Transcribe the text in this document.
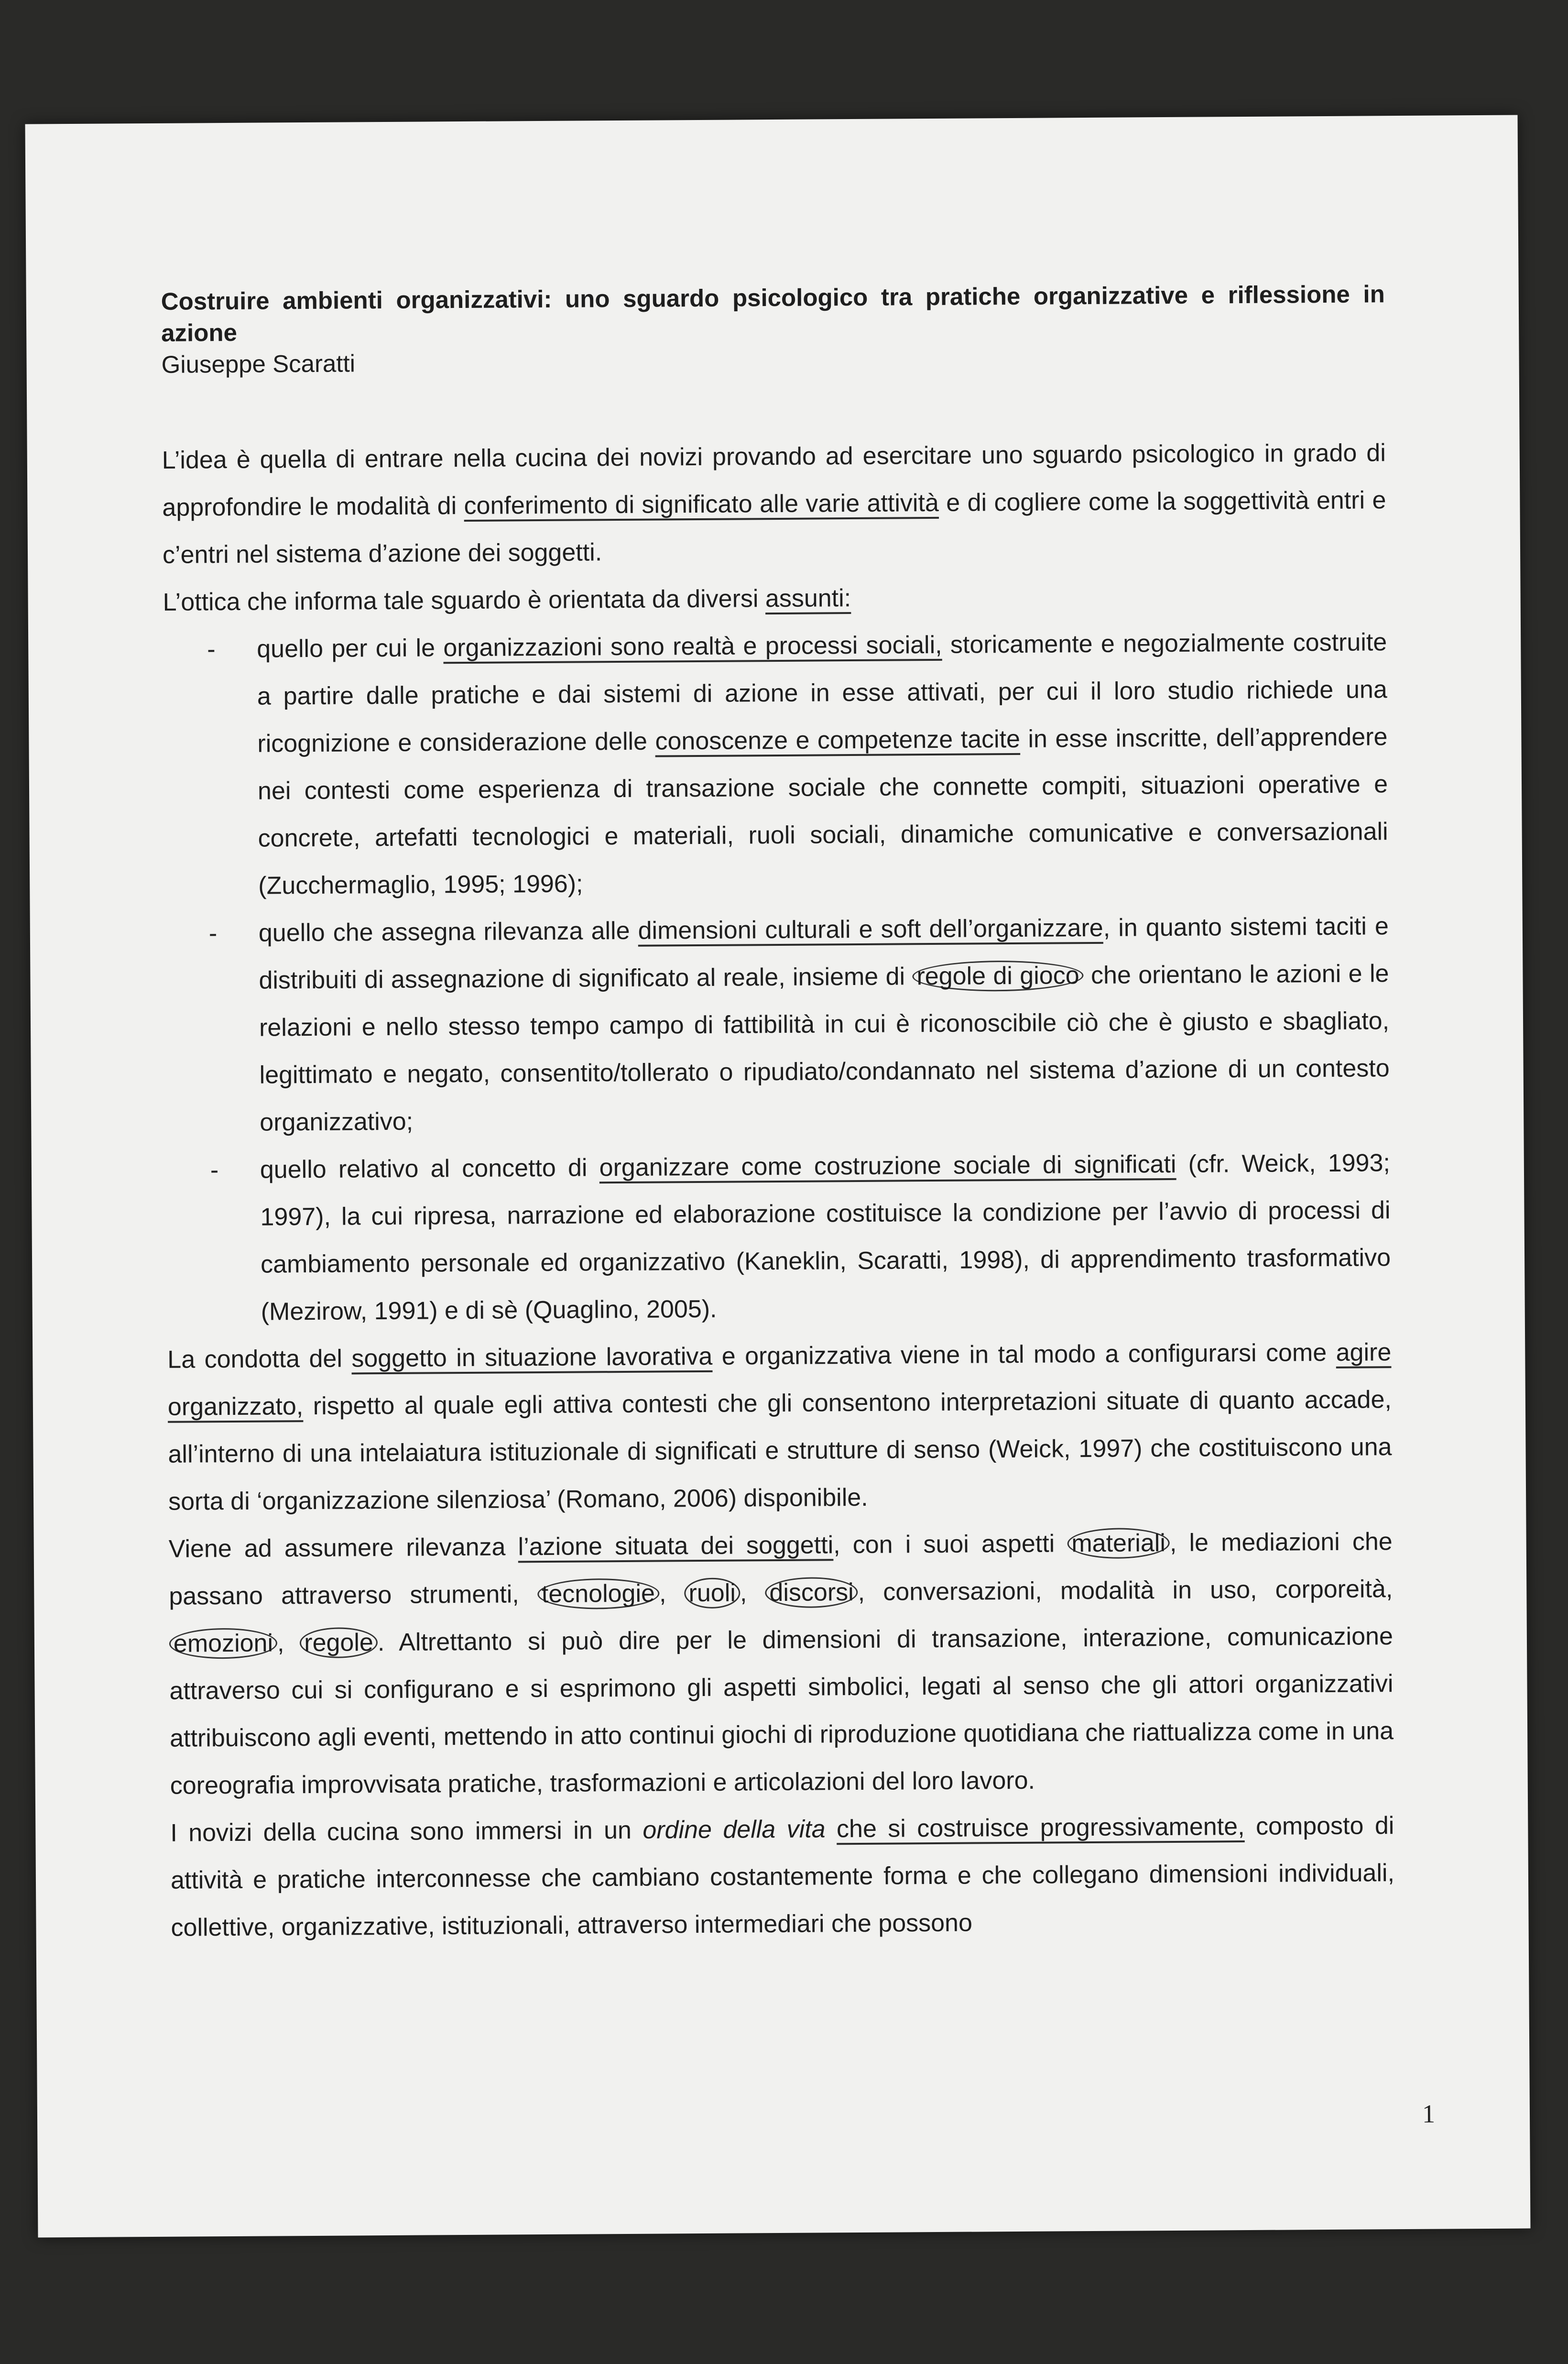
Costruire ambienti organizzativi: uno sguardo psicologico tra pratiche organizzative e riflessione in azione

Giuseppe Scaratti

L’idea è quella di entrare nella cucina dei novizi provando ad esercitare uno sguardo psicologico in grado di approfondire le modalità di conferimento di significato alle varie attività e di cogliere come la soggettività entri e c’entri nel sistema d’azione dei soggetti.

L’ottica che informa tale sguardo è orientata da diversi assunti:

- quello per cui le organizzazioni sono realtà e processi sociali, storicamente e negozialmente costruite a partire dalle pratiche e dai sistemi di azione in esse attivati, per cui il loro studio richiede una ricognizione e considerazione delle conoscenze e competenze tacite in esse inscritte, dell’apprendere nei contesti come esperienza di transazione sociale che connette compiti, situazioni operative e concrete, artefatti tecnologici e materiali, ruoli sociali, dinamiche comunicative e conversazionali (Zucchermaglio, 1995; 1996);
- quello che assegna rilevanza alle dimensioni culturali e soft dell’organizzare, in quanto sistemi taciti e distribuiti di assegnazione di significato al reale, insieme di regole di gioco che orientano le azioni e le relazioni e nello stesso tempo campo di fattibilità in cui è riconoscibile ciò che è giusto e sbagliato, legittimato e negato, consentito/tollerato o ripudiato/condannato nel sistema d’azione di un contesto organizzativo;
- quello relativo al concetto di organizzare come costruzione sociale di significati (cfr. Weick, 1993; 1997), la cui ripresa, narrazione ed elaborazione costituisce la condizione per l’avvio di processi di cambiamento personale ed organizzativo (Kaneklin, Scaratti, 1998), di apprendimento trasformativo (Mezirow, 1991) e di sè (Quaglino, 2005).

La condotta del soggetto in situazione lavorativa e organizzativa viene in tal modo a configurarsi come agire organizzato, rispetto al quale egli attiva contesti che gli consentono interpretazioni situate di quanto accade, all’interno di una intelaiatura istituzionale di significati e strutture di senso (Weick, 1997) che costituiscono una sorta di ‘organizzazione silenziosa’ (Romano, 2006) disponibile.

Viene ad assumere rilevanza l’azione situata dei soggetti, con i suoi aspetti materiali , le mediazioni che passano attraverso strumenti, tecnologie , ruoli , discorsi , conversazioni, modalità in uso, corporeità, emozioni , regole . Altrettanto si può dire per le dimensioni di transazione, interazione, comunicazione attraverso cui si configurano e si esprimono gli aspetti simbolici, legati al senso che gli attori organizzativi attribuiscono agli eventi, mettendo in atto continui giochi di riproduzione quotidiana che riattualizza come in una coreografia improvvisata pratiche, trasformazioni e articolazioni del loro lavoro.

I novizi della cucina sono immersi in un ordine della vita che si costruisce progressivamente, composto di attività e pratiche interconnesse che cambiano costantemente forma e che collegano dimensioni individuali, collettive, organizzative, istituzionali, attraverso intermediari che possono

1
